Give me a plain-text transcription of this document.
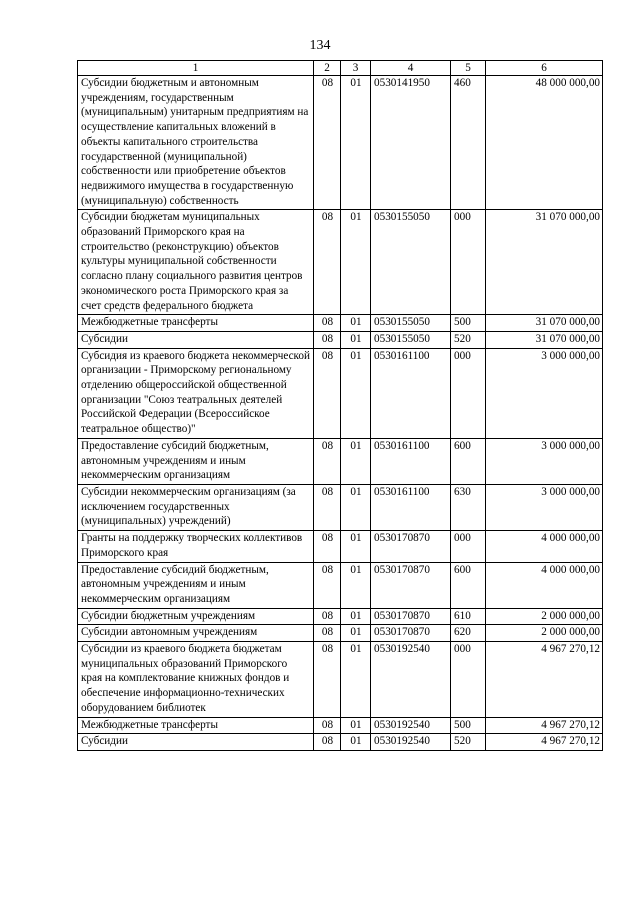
134
1	2	3	4	5	6
Субсидии бюджетным и автономным учреждениям, государственным (муниципальным) унитарным предприятиям на осуществление капитальных вложений в объекты капитального строительства государственной (муниципальной) собственности или приобретение объектов недвижимого имущества в государственную (муниципальную) собственность	08	01	0530141950	460	48 000 000,00
Субсидии бюджетам муниципальных образований Приморского края на строительство (реконструкцию) объектов культуры муниципальной собственности согласно плану социального развития центров экономического роста Приморского края за счет средств федерального бюджета	08	01	0530155050	000	31 070 000,00
Межбюджетные трансферты	08	01	0530155050	500	31 070 000,00
Субсидии	08	01	0530155050	520	31 070 000,00
Субсидия из краевого бюджета некоммерческой организации - Приморскому региональному отделению общероссийской общественной организации "Союз театральных деятелей Российской Федерации (Всероссийское театральное общество)"	08	01	0530161100	000	3 000 000,00
Предоставление субсидий бюджетным, автономным учреждениям и иным некоммерческим организациям	08	01	0530161100	600	3 000 000,00
Субсидии некоммерческим организациям (за исключением государственных (муниципальных) учреждений)	08	01	0530161100	630	3 000 000,00
Гранты на поддержку творческих коллективов Приморского края	08	01	0530170870	000	4 000 000,00
Предоставление субсидий бюджетным, автономным учреждениям и иным некоммерческим организациям	08	01	0530170870	600	4 000 000,00
Субсидии бюджетным учреждениям	08	01	0530170870	610	2 000 000,00
Субсидии автономным учреждениям	08	01	0530170870	620	2 000 000,00
Субсидии из краевого бюджета бюджетам муниципальных образований Приморского края на комплектование книжных фондов и обеспечение информационно-технических оборудованием библиотек	08	01	0530192540	000	4 967 270,12
Межбюджетные трансферты	08	01	0530192540	500	4 967 270,12
Субсидии	08	01	0530192540	520	4 967 270,12
